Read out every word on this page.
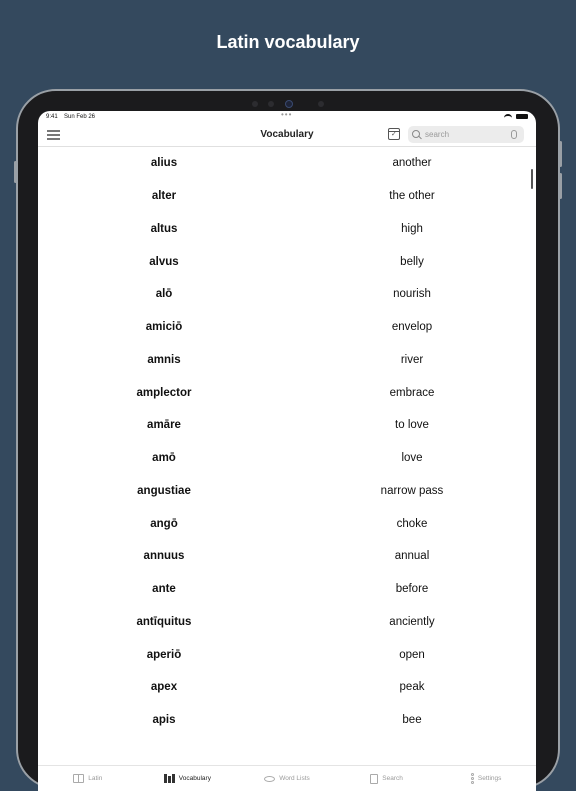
Latin vocabulary
9:41 Sun Feb 26	•••
Vocabulary
✓
search
alius	another
alter	the other
altus	high
alvus	belly
alō	nourish
amiciō	envelop
amnis	river
amplector	embrace
amāre	to love
amō	love
angustiae	narrow pass
angō	choke
annuus	annual
ante	before
antīquitus	anciently
aperiō	open
apex	peak
apis	bee
Latin	Vocabulary	Word Lists	Search	Settings
